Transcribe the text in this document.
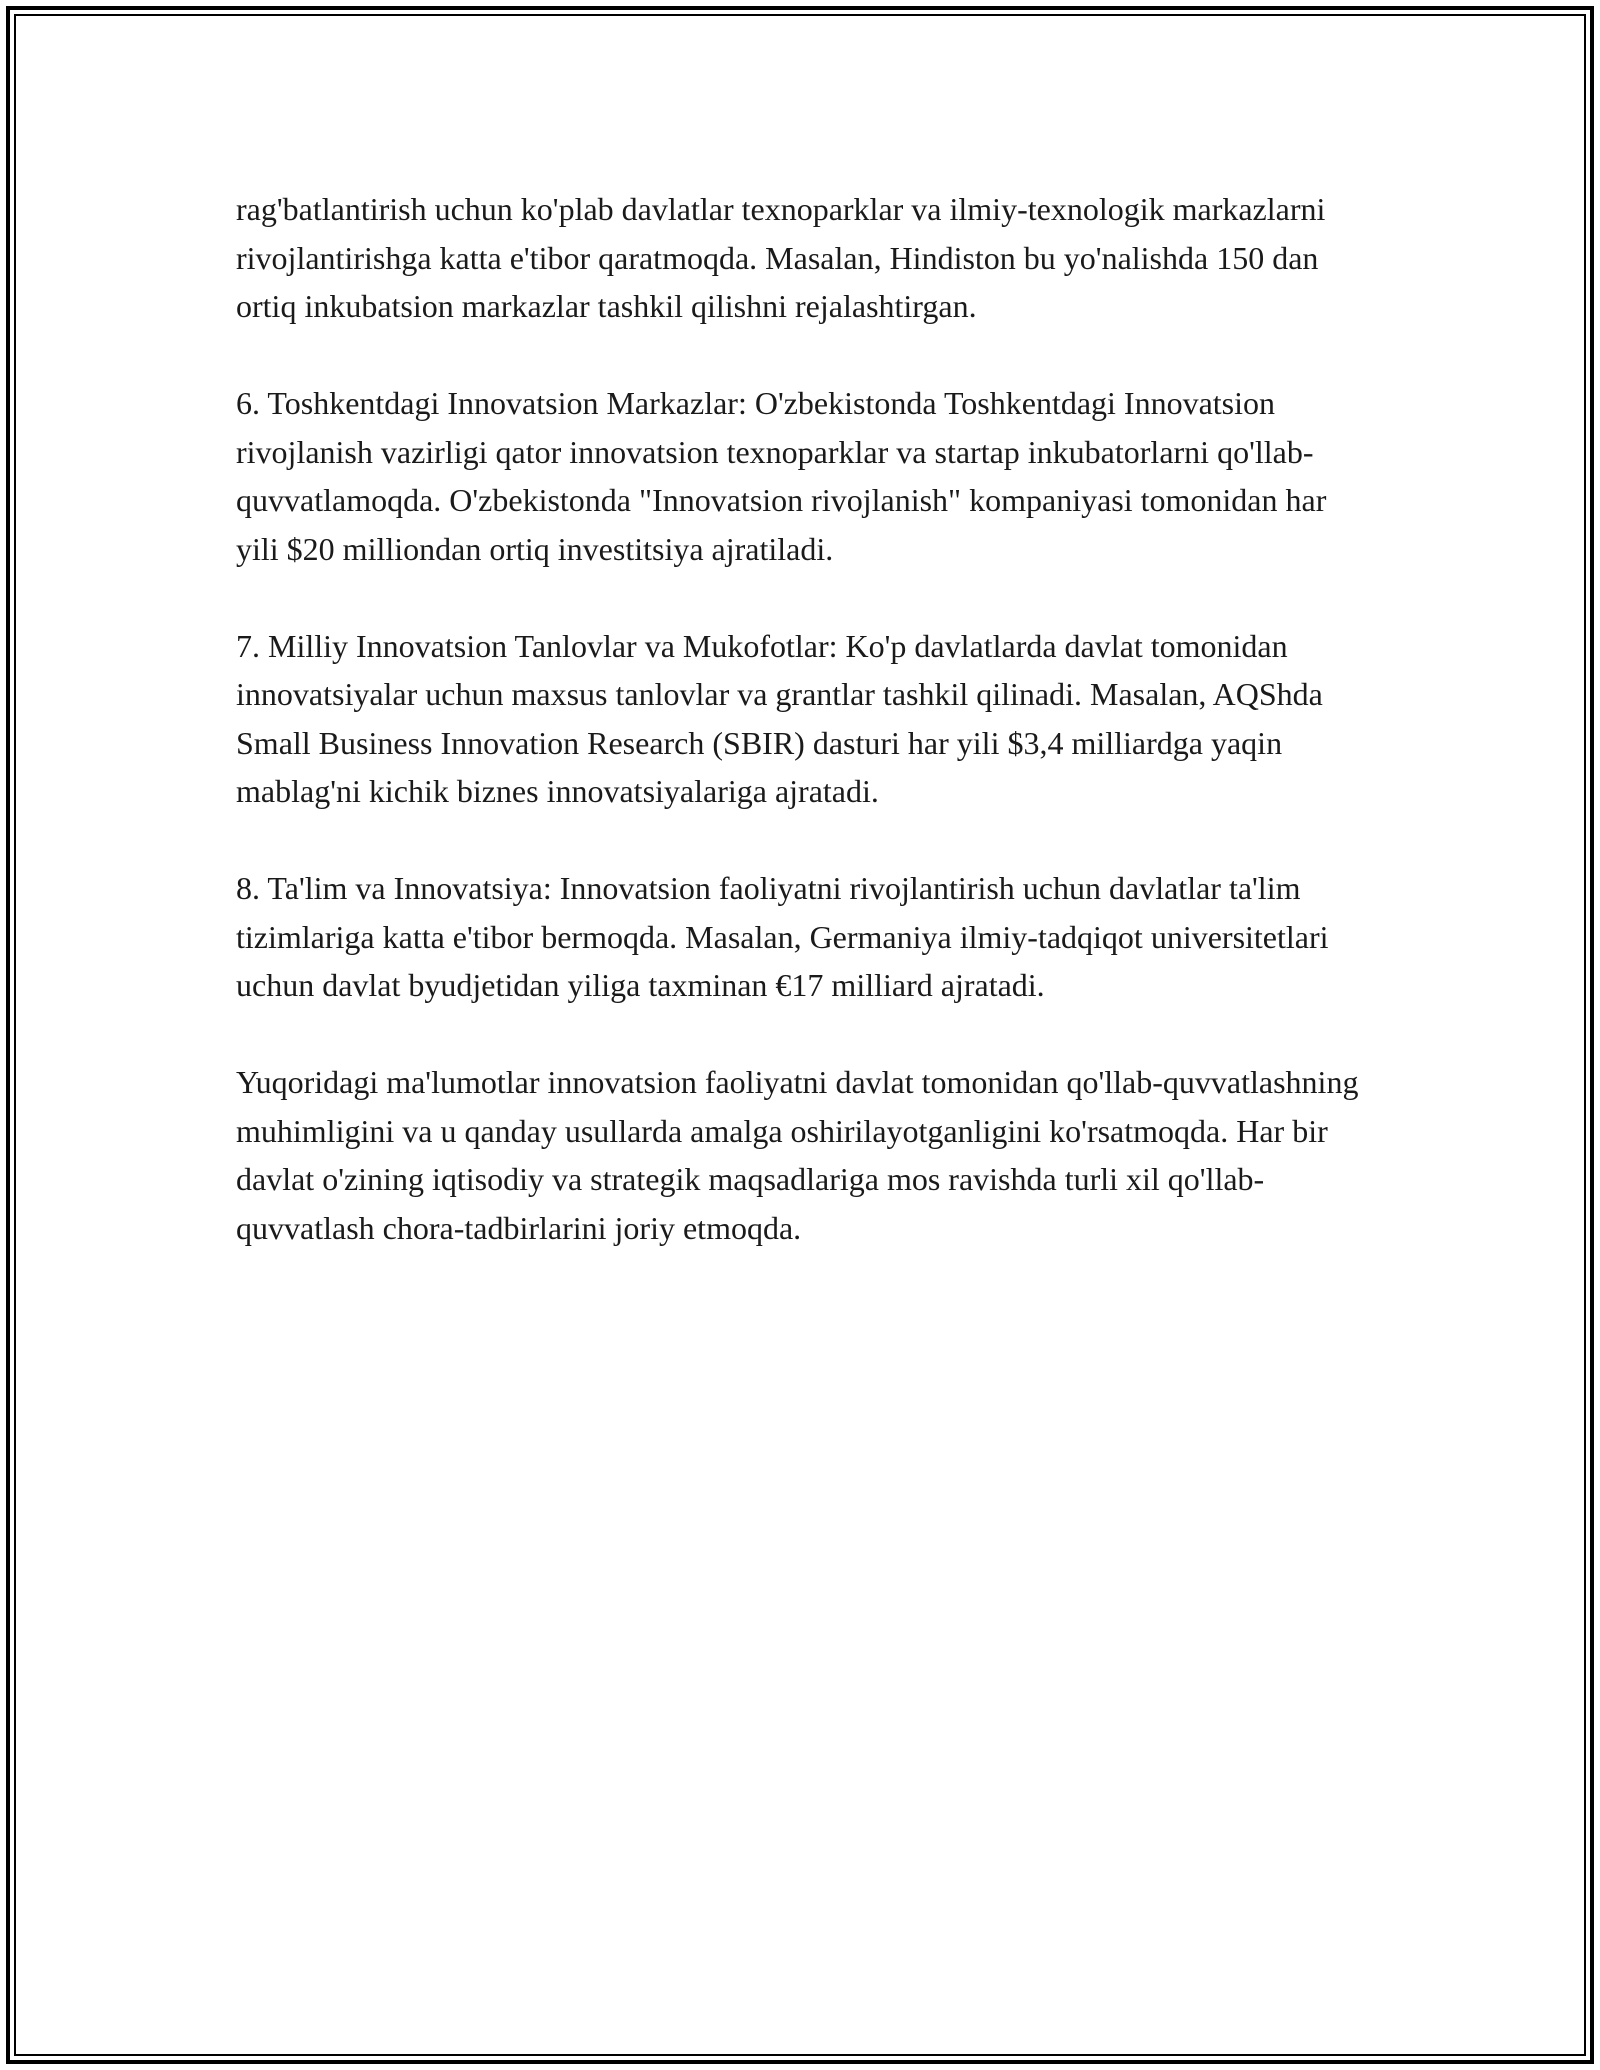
rag'batlantirish uchun ko'plab davlatlar texnoparklar va ilmiy-texnologik markazlarni rivojlantirishga katta e'tibor qaratmoqda. Masalan, Hindiston bu yo'nalishda 150 dan ortiq inkubatsion markazlar tashkil qilishni rejalashtirgan.

6. Toshkentdagi Innovatsion Markazlar: O'zbekistonda Toshkentdagi Innovatsion rivojlanish vazirligi qator innovatsion texnoparklar va startap inkubatorlarni qo'llab-quvvatlamoqda. O'zbekistonda "Innovatsion rivojlanish" kompaniyasi tomonidan har yili $20 milliondan ortiq investitsiya ajratiladi.

7. Milliy Innovatsion Tanlovlar va Mukofotlar: Ko'p davlatlarda davlat tomonidan innovatsiyalar uchun maxsus tanlovlar va grantlar tashkil qilinadi. Masalan, AQShda Small Business Innovation Research (SBIR) dasturi har yili $3,4 milliardga yaqin mablag'ni kichik biznes innovatsiyalariga ajratadi.

8. Ta'lim va Innovatsiya: Innovatsion faoliyatni rivojlantirish uchun davlatlar ta'lim tizimlariga katta e'tibor bermoqda. Masalan, Germaniya ilmiy-tadqiqot universitetlari uchun davlat byudjetidan yiliga taxminan €17 milliard ajratadi.

Yuqoridagi ma'lumotlar innovatsion faoliyatni davlat tomonidan qo'llab-quvvatlashning muhimligini va u qanday usullarda amalga oshirilayotganligini ko'rsatmoqda. Har bir davlat o'zining iqtisodiy va strategik maqsadlariga mos ravishda turli xil qo'llab-quvvatlash chora-tadbirlarini joriy etmoqda.
